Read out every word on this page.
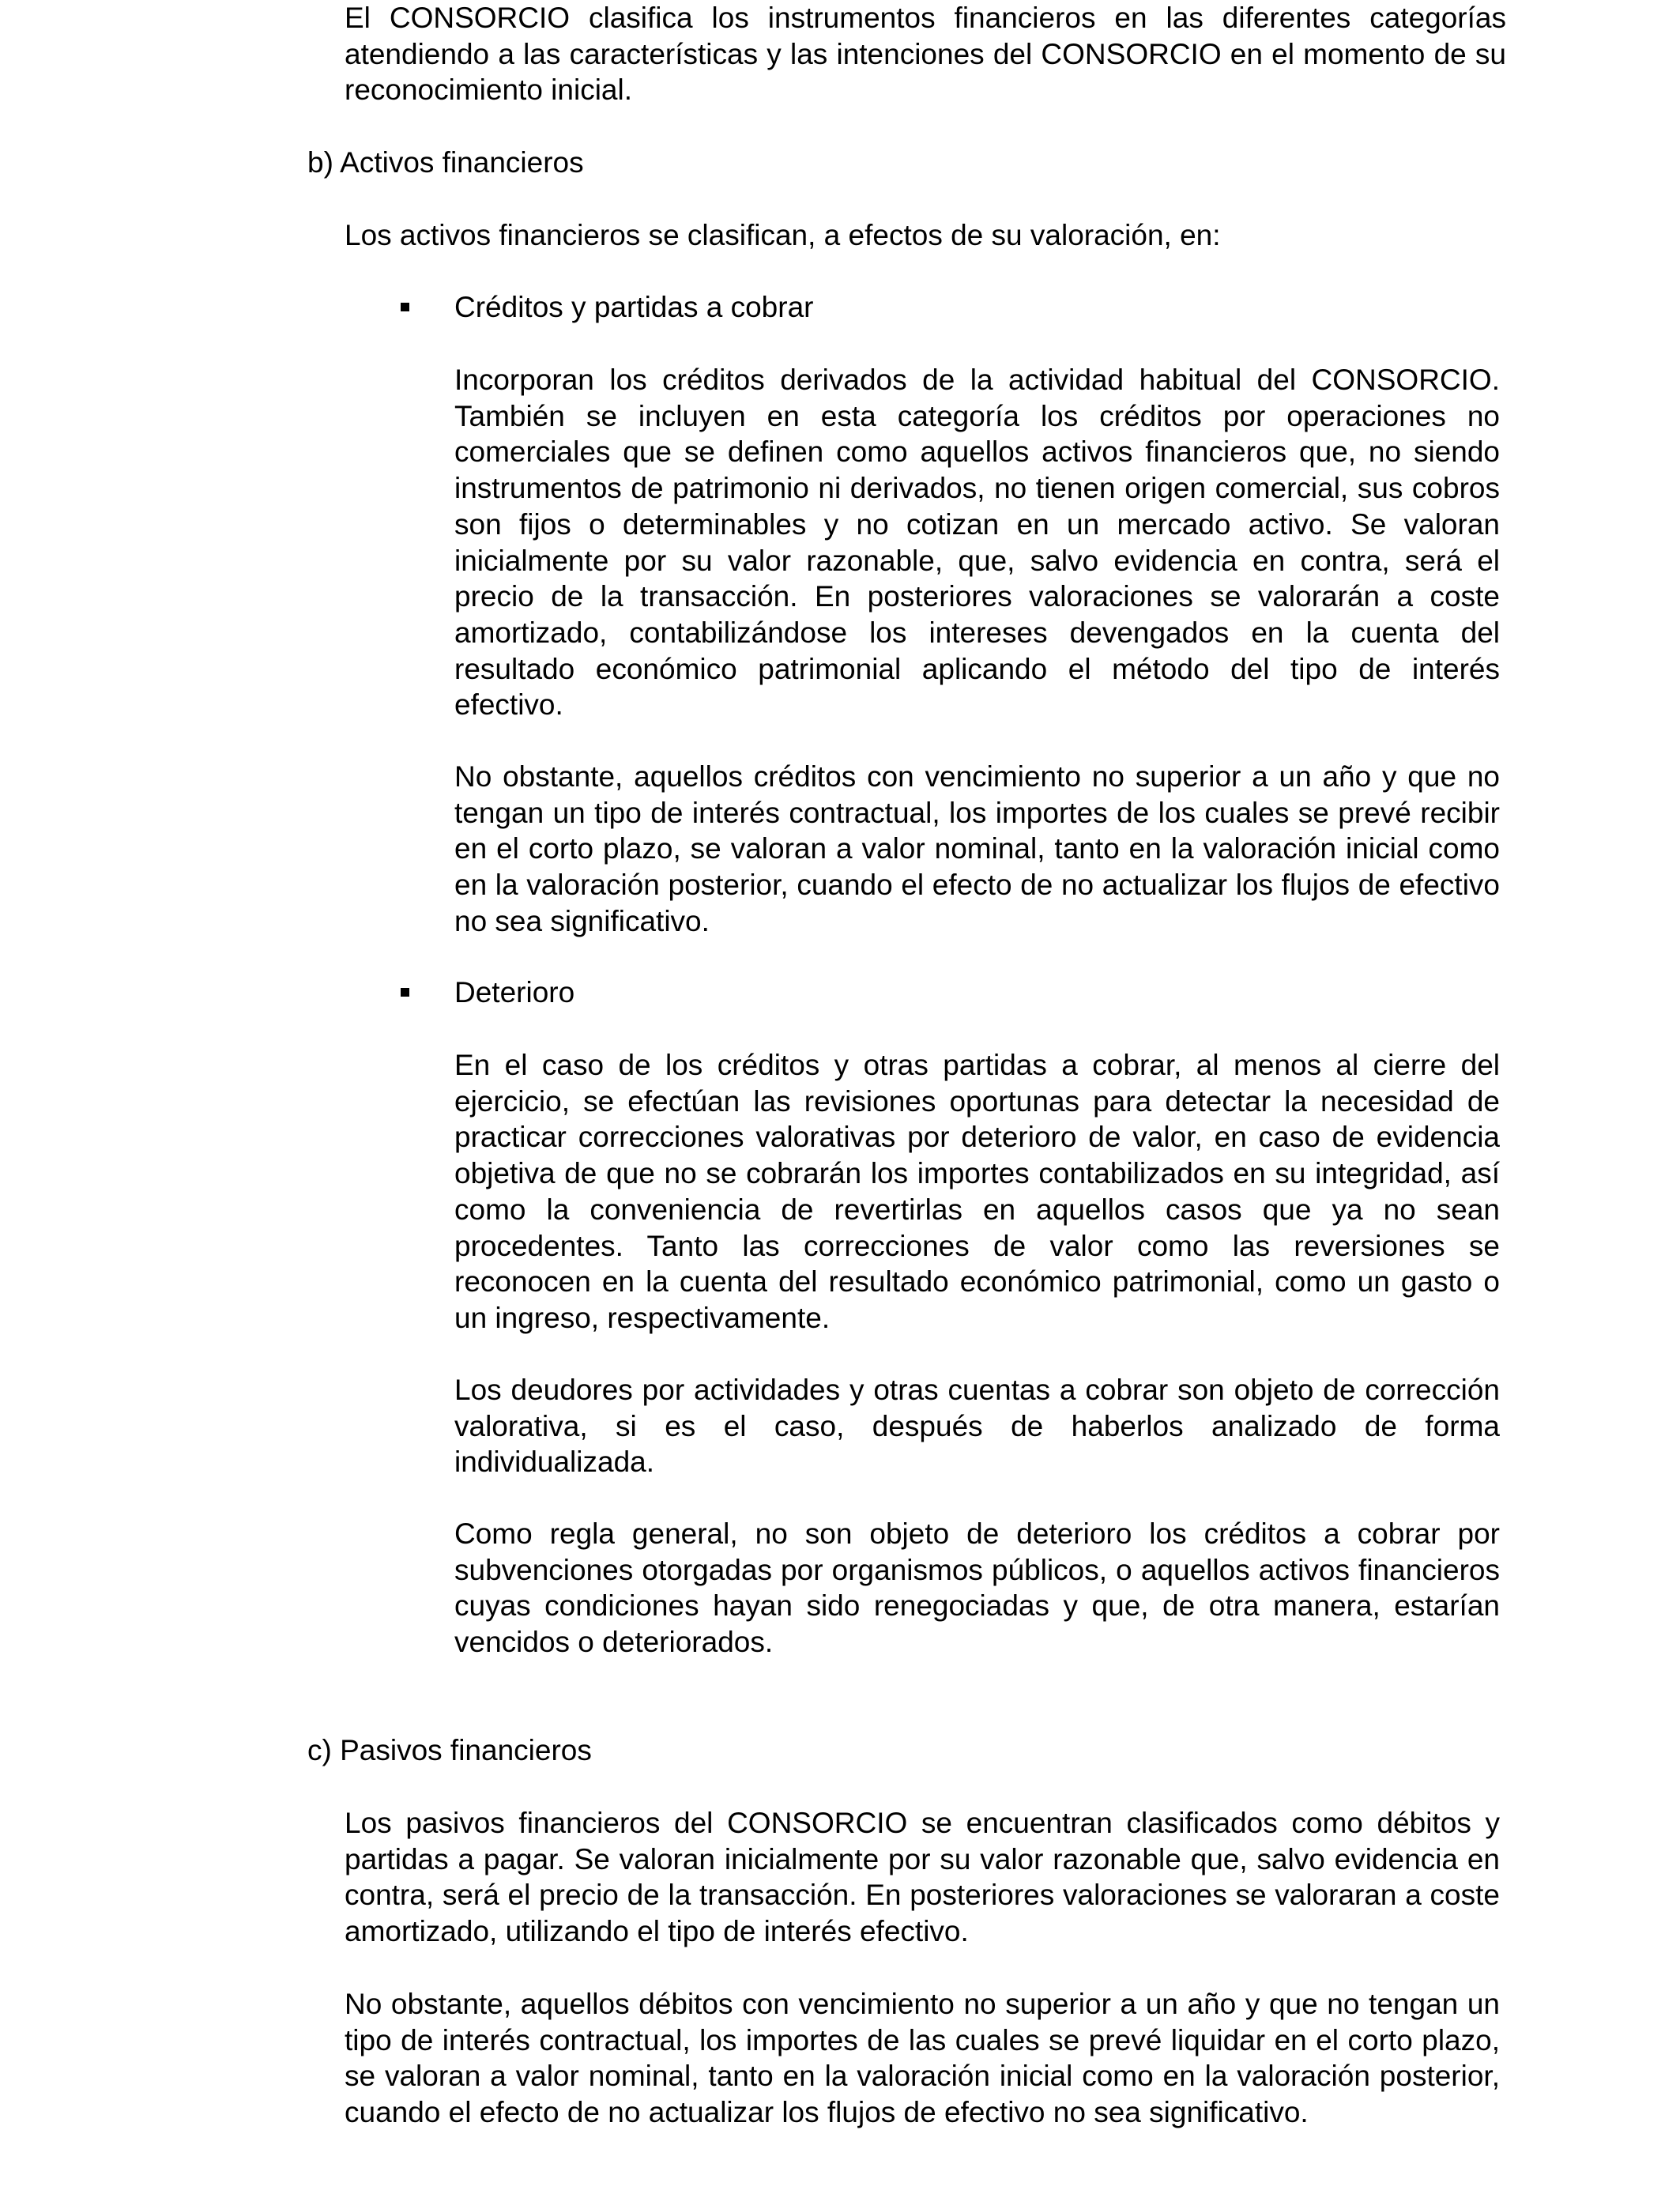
El CONSORCIO clasifica los instrumentos financieros en las diferentes categorías atendiendo a las características y las intenciones del CONSORCIO en el momento de su reconocimiento inicial.

b) Activos financieros

Los activos financieros se clasifican, a efectos de su valoración, en:

Créditos y partidas a cobrar

Incorporan los créditos derivados de la actividad habitual del CONSORCIO. También se incluyen en esta categoría los créditos por operaciones no comerciales que se definen como aquellos activos financieros que, no siendo instrumentos de patrimonio ni derivados, no tienen origen comercial, sus cobros son fijos o determinables y no cotizan en un mercado activo. Se valoran inicialmente por su valor razonable, que, salvo evidencia en contra, será el precio de la transacción. En posteriores valoraciones se valorarán a coste amortizado, contabilizándose los intereses devengados en la cuenta del resultado económico patrimonial aplicando el método del tipo de interés efectivo.

No obstante, aquellos créditos con vencimiento no superior a un año y que no tengan un tipo de interés contractual, los importes de los cuales se prevé recibir en el corto plazo, se valoran a valor nominal, tanto en la valoración inicial como en la valoración posterior, cuando el efecto de no actualizar los flujos de efectivo no sea significativo.

Deterioro

En el caso de los créditos y otras partidas a cobrar, al menos al cierre del ejercicio, se efectúan las revisiones oportunas para detectar la necesidad de practicar correcciones valorativas por deterioro de valor, en caso de evidencia objetiva de que no se cobrarán los importes contabilizados en su integridad, así como la conveniencia de revertirlas en aquellos casos que ya no sean procedentes. Tanto las correcciones de valor como las reversiones se reconocen en la cuenta del resultado económico patrimonial, como un gasto o un ingreso, respectivamente.

Los deudores por actividades y otras cuentas a cobrar son objeto de corrección valorativa, si es el caso, después de haberlos analizado de forma individualizada.

Como regla general, no son objeto de deterioro los créditos a cobrar por subvenciones otorgadas por organismos públicos, o aquellos activos financieros cuyas condiciones hayan sido renegociadas y que, de otra manera, estarían vencidos o deteriorados.

c) Pasivos financieros

Los pasivos financieros del CONSORCIO se encuentran clasificados como débitos y partidas a pagar. Se valoran inicialmente por su valor razonable que, salvo evidencia en contra, será el precio de la transacción. En posteriores valoraciones se valoraran a coste amortizado, utilizando el tipo de interés efectivo.

No obstante, aquellos débitos con vencimiento no superior a un año y que no tengan un tipo de interés contractual, los importes de las cuales se prevé liquidar en el corto plazo, se valoran a valor nominal, tanto en la valoración inicial como en la valoración posterior, cuando el efecto de no actualizar los flujos de efectivo no sea significativo.
